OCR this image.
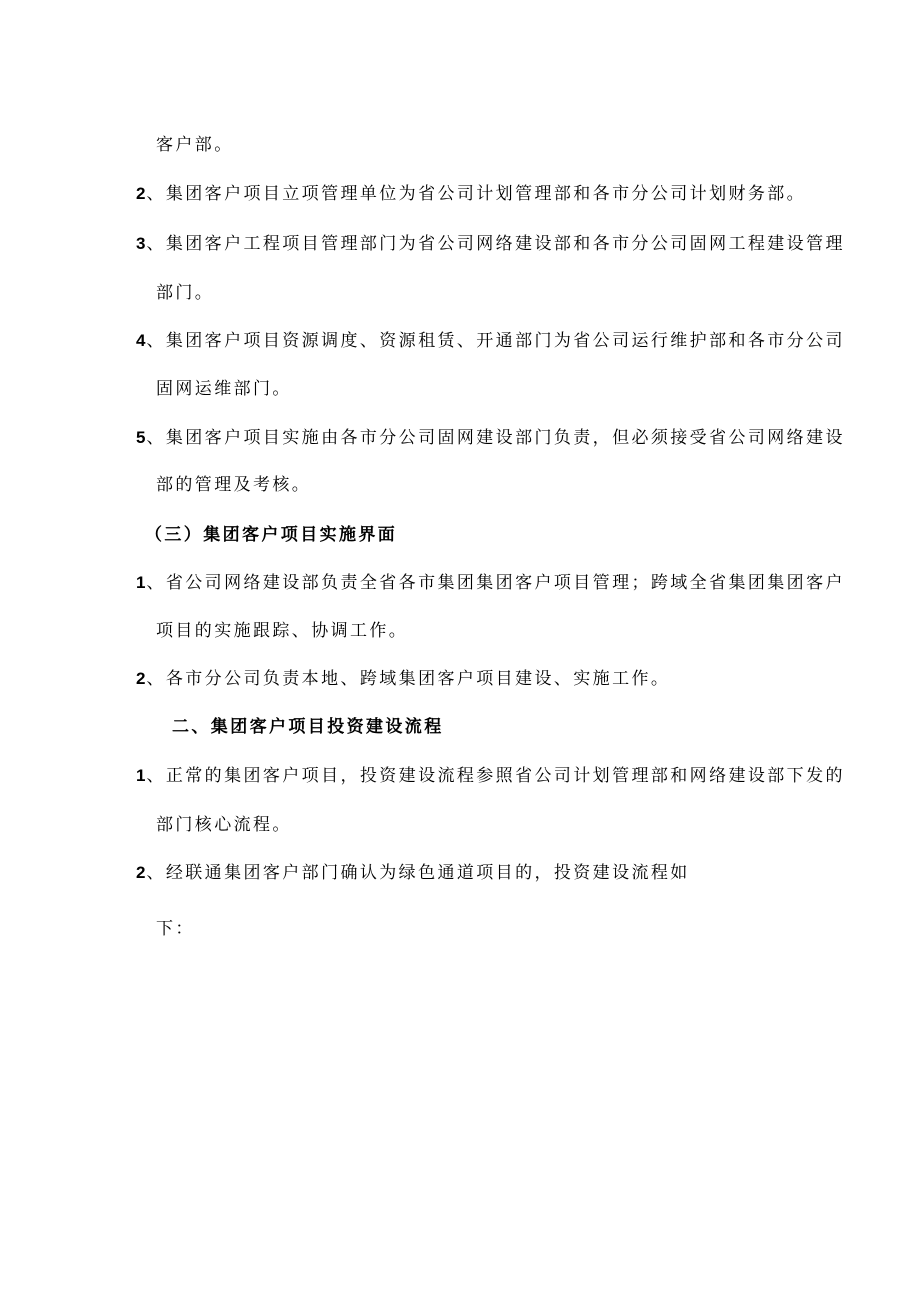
客户部。
2、集团客户项目立项管理单位为省公司计划管理部和各市分公司计划财务部。
3、集团客户工程项目管理部门为省公司网络建设部和各市分公司固网工程建设管理
部门。
4、集团客户项目资源调度、资源租赁、开通部门为省公司运行维护部和各市分公司
固网运维部门。
5、集团客户项目实施由各市分公司固网建设部门负责，但必须接受省公司网络建设
部的管理及考核。
（三）集团客户项目实施界面
1、省公司网络建设部负责全省各市集团集团客户项目管理；跨域全省集团集团客户
项目的实施跟踪、协调工作。
2、各市分公司负责本地、跨域集团客户项目建设、实施工作。
二、集团客户项目投资建设流程
1、正常的集团客户项目，投资建设流程参照省公司计划管理部和网络建设部下发的
部门核心流程。
2、经联通集团客户部门确认为绿色通道项目的，投资建设流程如
下：
